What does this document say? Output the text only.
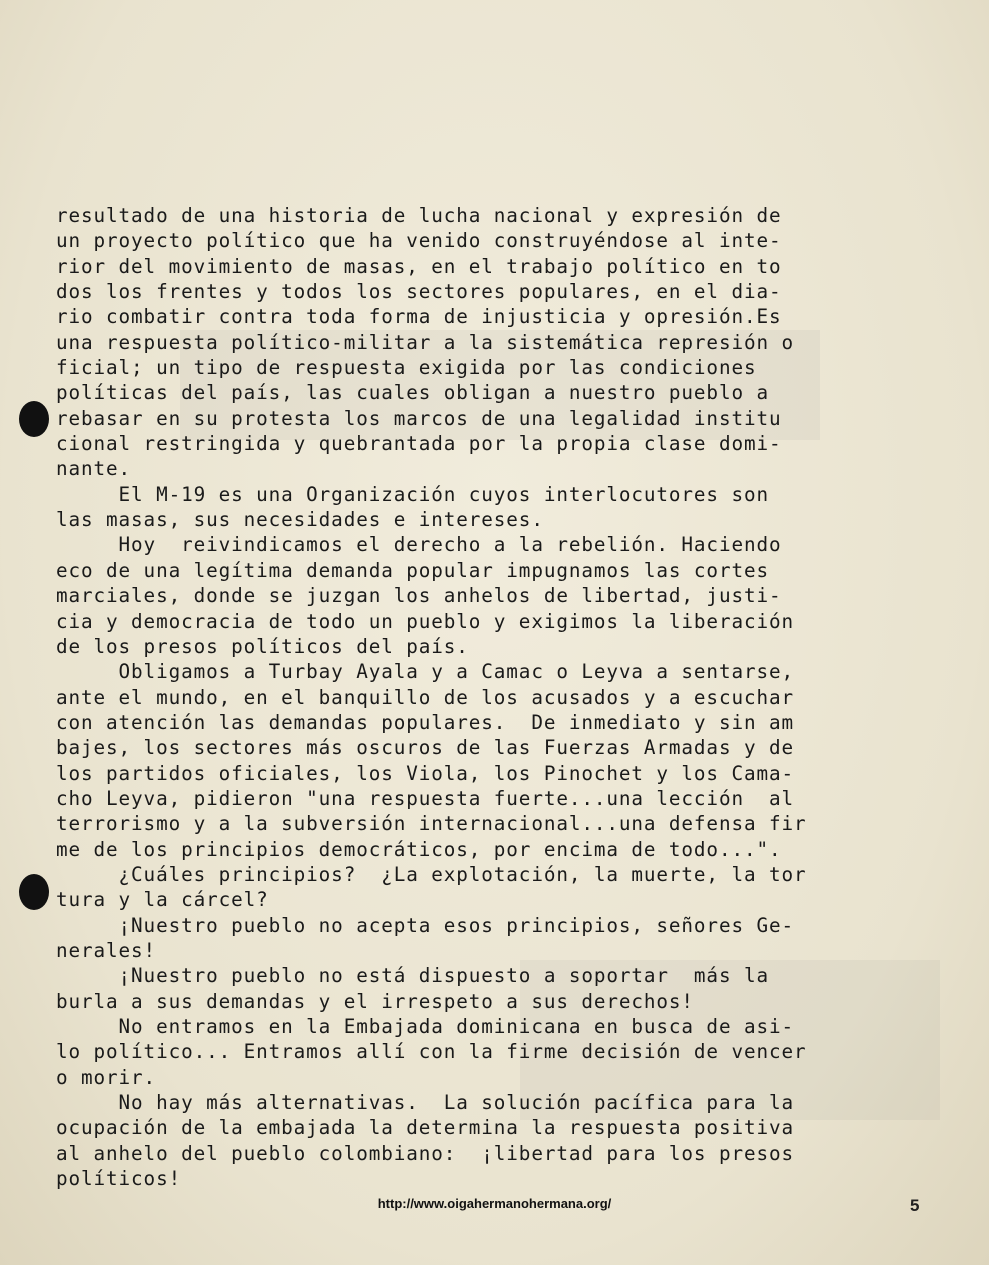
resultado de una historia de lucha nacional y expresión de
un proyecto político que ha venido construyéndose al inte-
rior del movimiento de masas, en el trabajo político en to
dos los frentes y todos los sectores populares, en el dia-
rio combatir contra toda forma de injusticia y opresión.Es
una respuesta político-militar a la sistemática represión o
ficial; un tipo de respuesta exigida por las condiciones
políticas del país, las cuales obligan a nuestro pueblo a
rebasar en su protesta los marcos de una legalidad institu
cional restringida y quebrantada por la propia clase domi-
nante.
El M-19 es una Organización cuyos interlocutores son
las masas, sus necesidades e intereses.
Hoy  reivindicamos el derecho a la rebelión. Haciendo
eco de una legítima demanda popular impugnamos las cortes
marciales, donde se juzgan los anhelos de libertad, justi-
cia y democracia de todo un pueblo y exigimos la liberación
de los presos políticos del país.
Obligamos a Turbay Ayala y a Camac o Leyva a sentarse,
ante el mundo, en el banquillo de los acusados y a escuchar
con atención las demandas populares.  De inmediato y sin am
bajes, los sectores más oscuros de las Fuerzas Armadas y de
los partidos oficiales, los Viola, los Pinochet y los Cama-
cho Leyva, pidieron "una respuesta fuerte...una lección  al
terrorismo y a la subversión internacional...una defensa fir
me de los principios democráticos, por encima de todo...".
¿Cuáles principios?  ¿La explotación, la muerte, la tor
tura y la cárcel?
¡Nuestro pueblo no acepta esos principios, señores Ge-
nerales!
¡Nuestro pueblo no está dispuesto a soportar  más la
burla a sus demandas y el irrespeto a sus derechos!
No entramos en la Embajada dominicana en busca de asi-
lo político... Entramos allí con la firme decisión de vencer
o morir.
No hay más alternativas.  La solución pacífica para la
ocupación de la embajada la determina la respuesta positiva
al anhelo del pueblo colombiano:  ¡libertad para los presos
políticos!
http://www.oigahermanohermana.org/	5
